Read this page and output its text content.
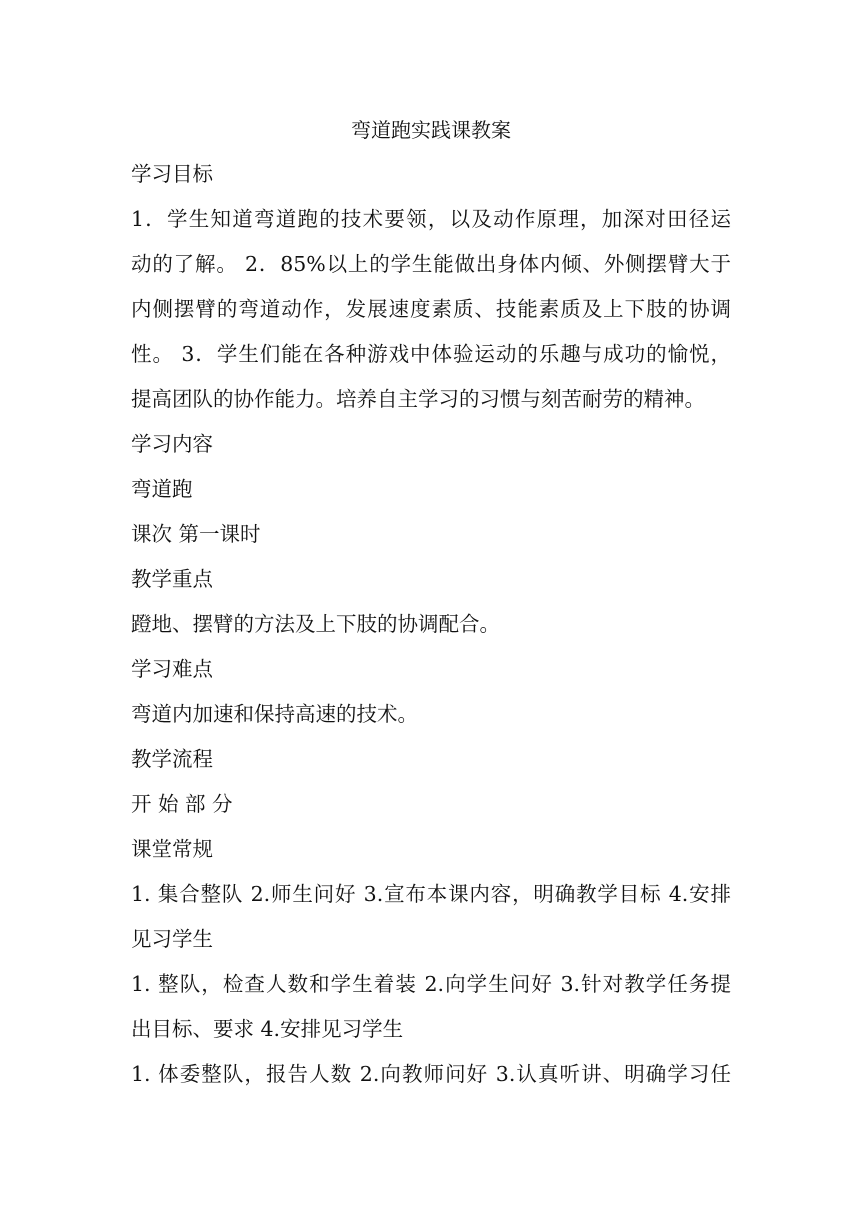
弯道跑实践课教案

学习目标

1．学生知道弯道跑的技术要领，以及动作原理，加深对田径运
动的了解。 2．85%以上的学生能做出身体内倾、外侧摆臂大于
内侧摆臂的弯道动作，发展速度素质、技能素质及上下肢的协调
性。 3．学生们能在各种游戏中体验运动的乐趣与成功的愉悦，
提高团队的协作能力。培养自主学习的习惯与刻苦耐劳的精神。

学习内容

弯道跑

课次 第一课时

教学重点

蹬地、摆臂的方法及上下肢的协调配合。

学习难点

弯道内加速和保持高速的技术。

教学流程

开 始 部 分

课堂常规

1. 集合整队 2.师生问好 3.宣布本课内容，明确教学目标 4.安排
见习学生
1. 整队，检查人数和学生着装 2.向学生问好 3.针对教学任务提
出目标、要求 4.安排见习学生
1. 体委整队，报告人数 2.向教师问好 3.认真听讲、明确学习任
